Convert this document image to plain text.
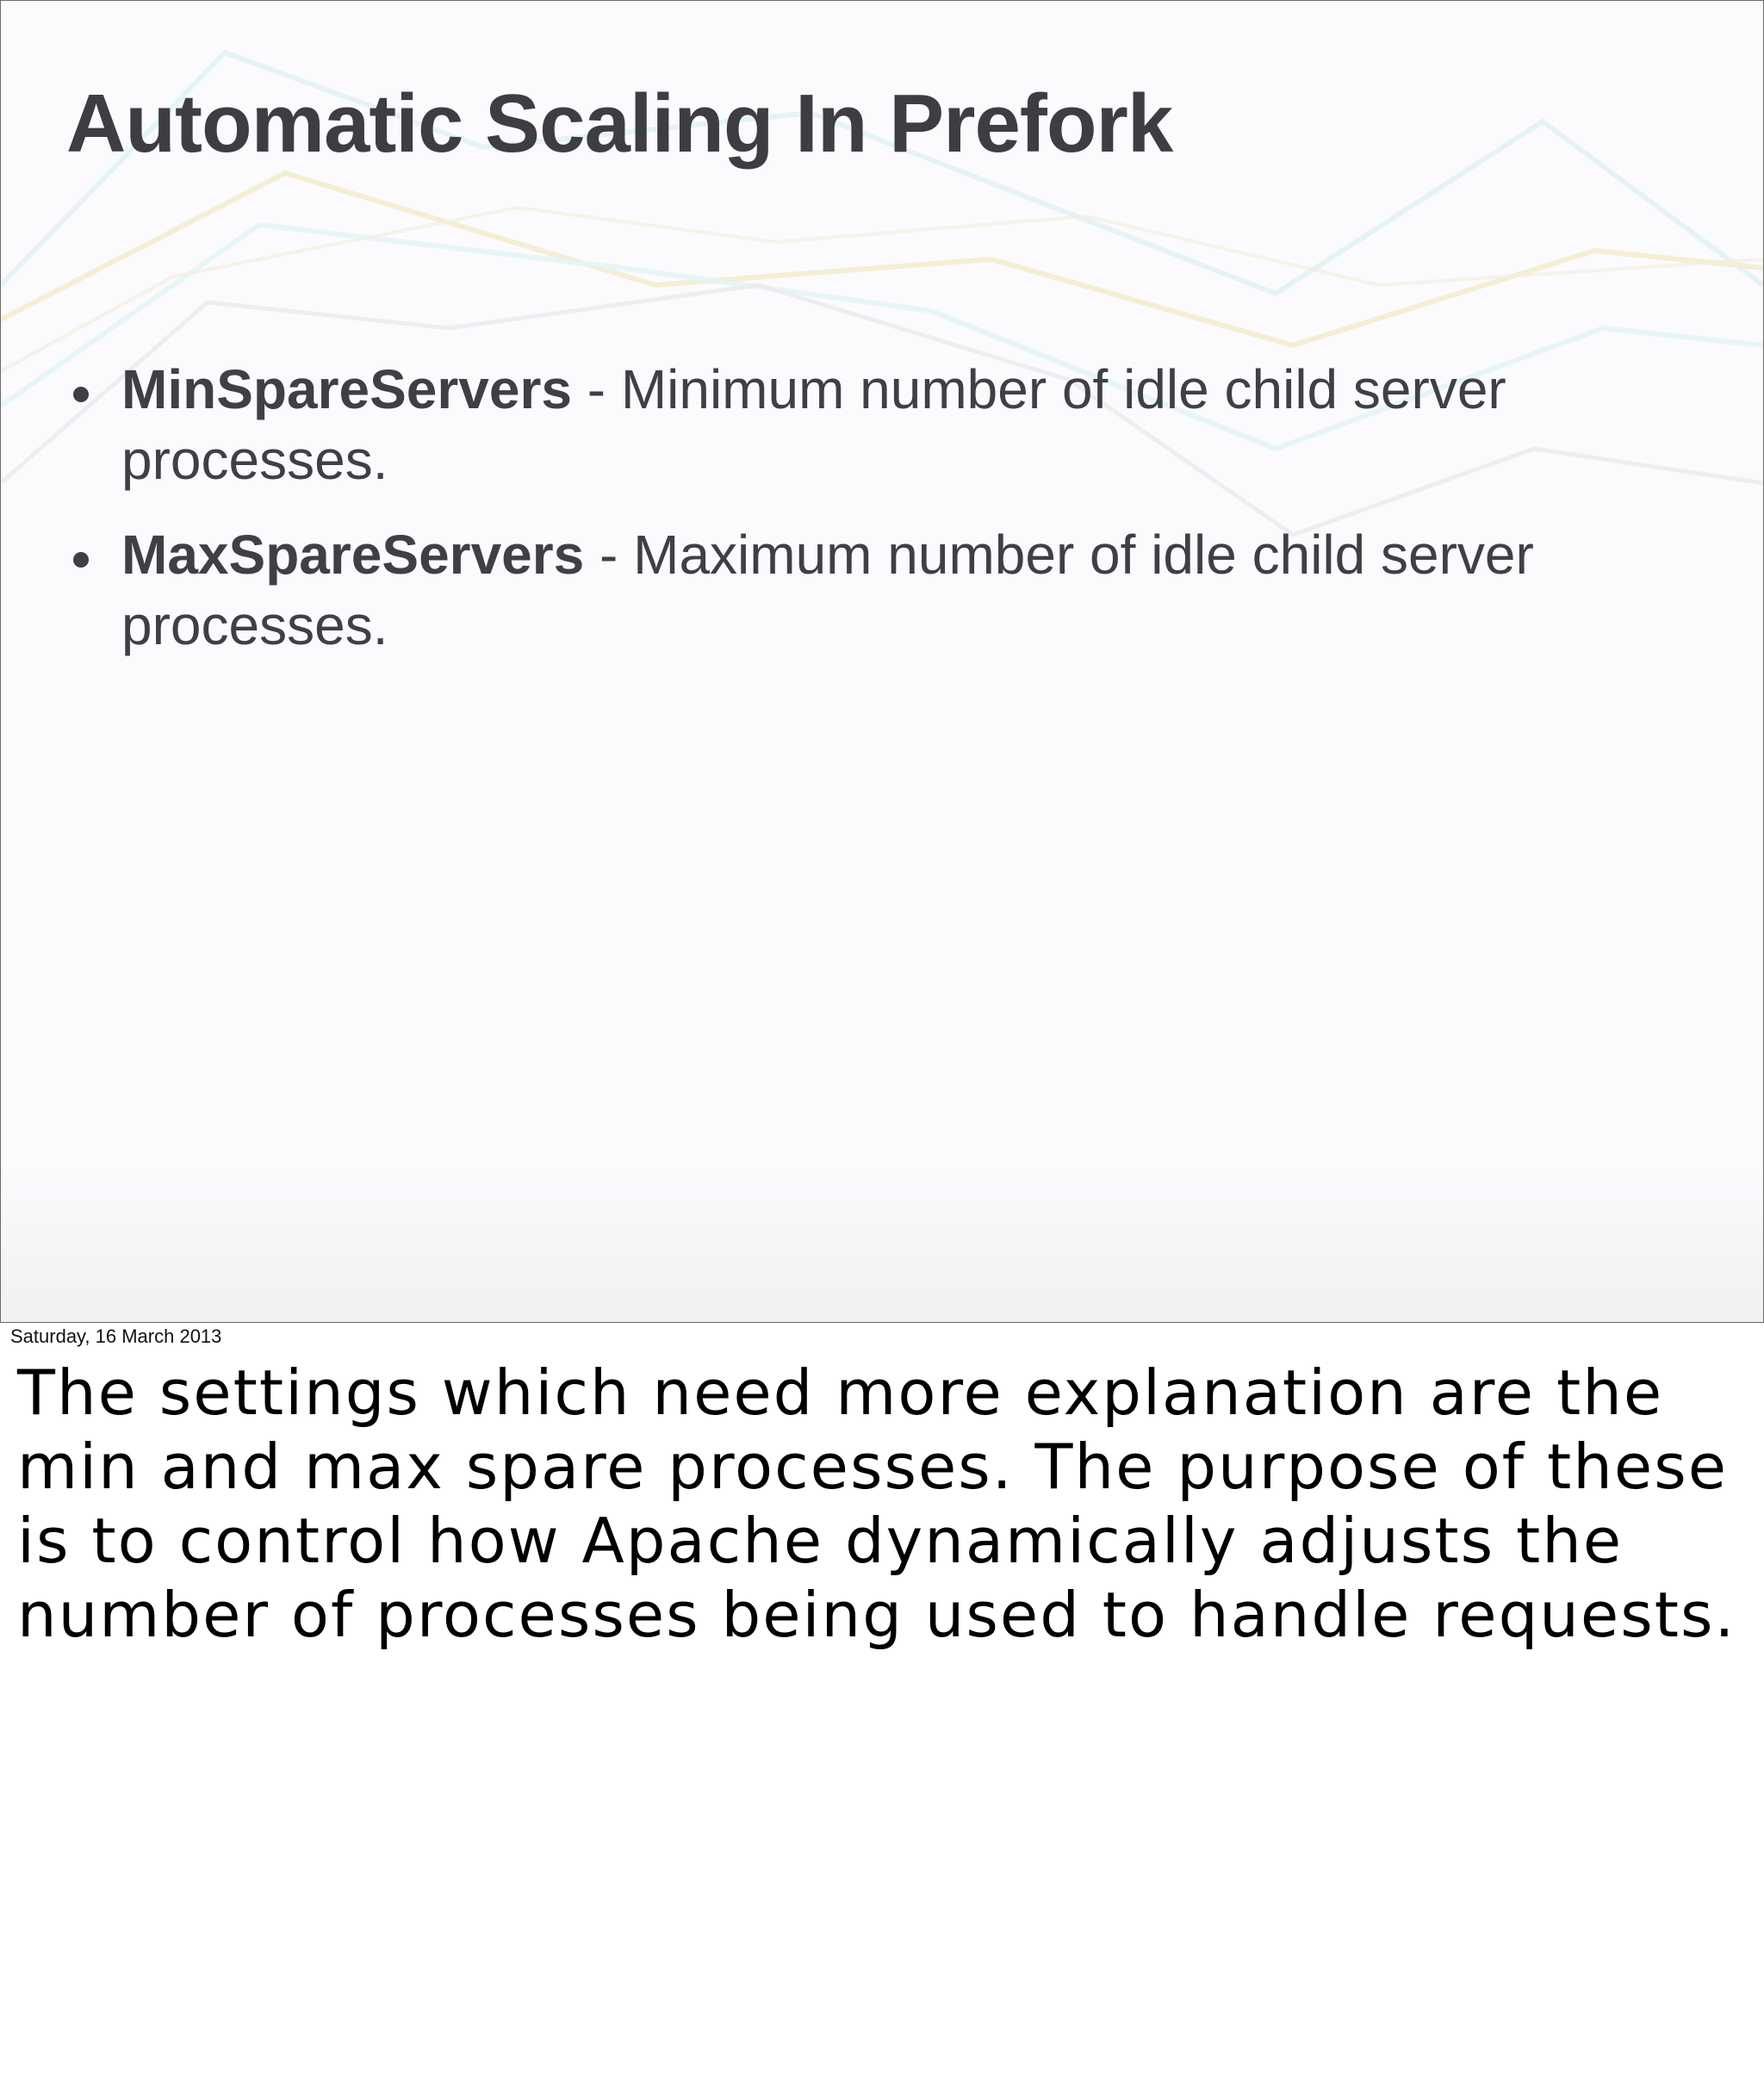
Automatic Scaling In Prefork
MinSpareServers - Minimum number of idle child server processes.
MaxSpareServers - Maximum number of idle child server processes.
Saturday, 16 March 2013

The settings which need more explanation are the min and max spare processes. The purpose of these is to control how Apache dynamically adjusts the number of processes being used to handle requests.
